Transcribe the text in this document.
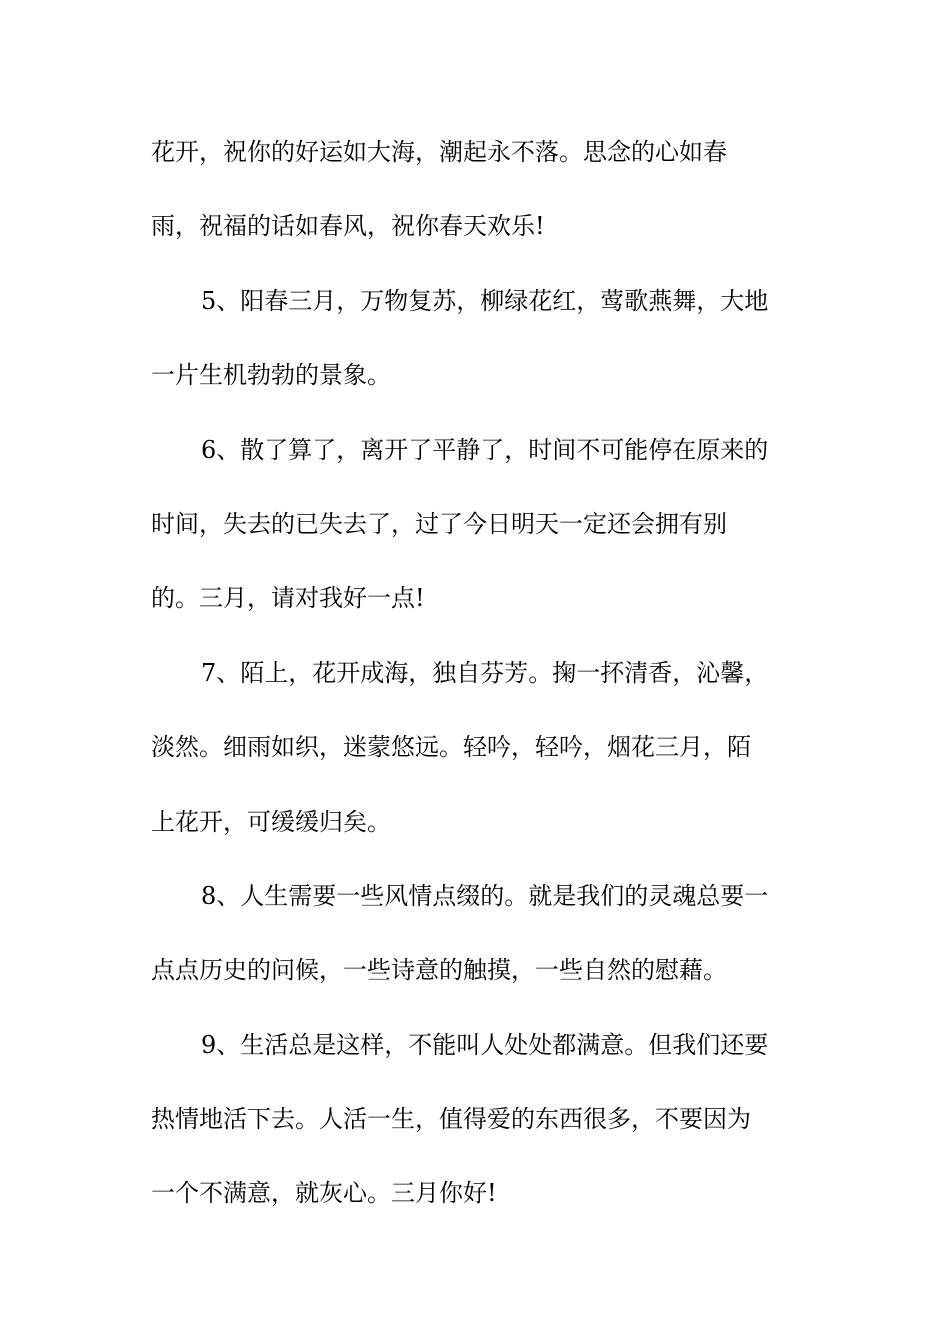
花开，祝你的好运如大海，潮起永不落。思念的心如春
雨，祝福的话如春风，祝你春天欢乐!
5、阳春三月，万物复苏，柳绿花红，莺歌燕舞，大地
一片生机勃勃的景象。
6、散了算了，离开了平静了，时间不可能停在原来的
时间，失去的已失去了，过了今日明天一定还会拥有别
的。三月，请对我好一点!
7、陌上，花开成海，独自芬芳。掬一抔清香，沁馨，
淡然。细雨如织，迷蒙悠远。轻吟，轻吟，烟花三月，陌
上花开，可缓缓归矣。
8、人生需要一些风情点缀的。就是我们的灵魂总要一
点点历史的问候，一些诗意的触摸，一些自然的慰藉。
9、生活总是这样，不能叫人处处都满意。但我们还要
热情地活下去。人活一生，值得爱的东西很多，不要因为
一个不满意，就灰心。三月你好!
